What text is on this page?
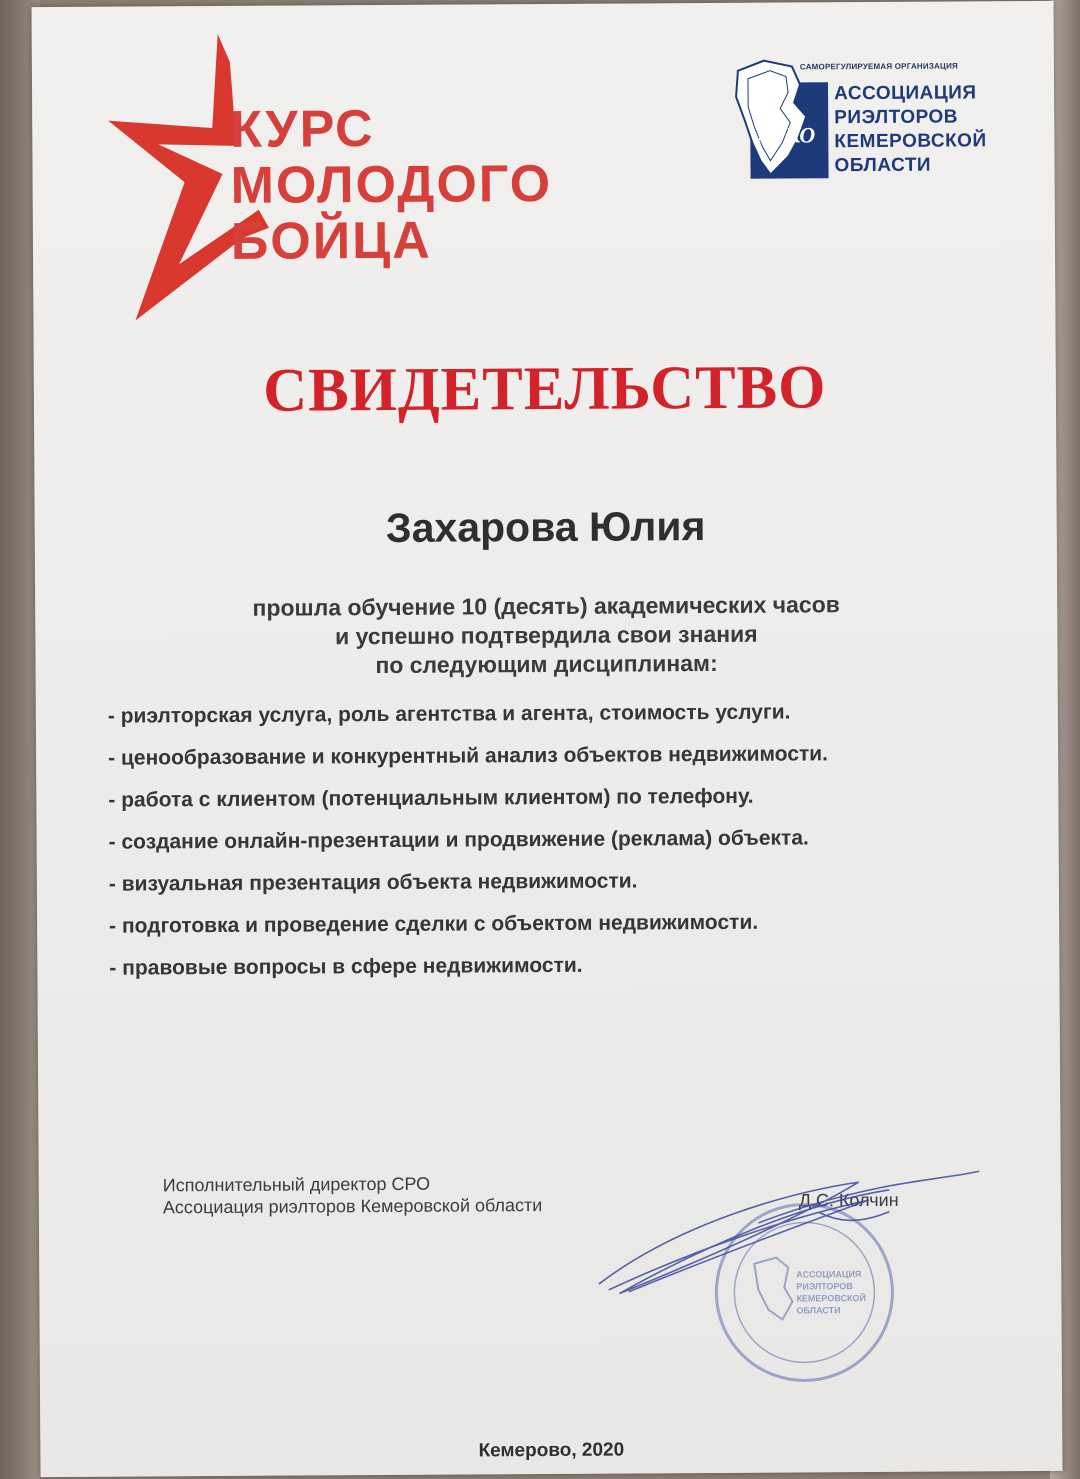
КУРС
МОЛОДОГО
БОЙЦА
АРКО
САМОРЕГУЛИРУЕМАЯ ОРГАНИЗАЦИЯ
АССОЦИАЦИЯ
РИЭЛТОРОВ
КЕМЕРОВСКОЙ
ОБЛАСТИ
СВИДЕТЕЛЬСТВО
Захарова Юлия
прошла обучение 10 (десять) академических часов
и успешно подтвердила свои знания
по следующим дисциплинам:
- риэлторская услуга, роль агентства и агента, стоимость услуги.
- ценообразование и конкурентный анализ объектов недвижимости.
- работа с клиентом (потенциальным клиентом) по телефону.
- создание онлайн-презентации и продвижение (реклама) объекта.
- визуальная презентация объекта недвижимости.
- подготовка и проведение сделки с объектом недвижимости.
- правовые вопросы в сфере недвижимости.
Исполнительный директор СРО
Ассоциация риэлторов Кемеровской области	Д.С. Колчин
АССОЦИАЦИЯ
РИЭЛТОРОВ
КЕМЕРОВСКОЙ
ОБЛАСТИ
Кемерово, 2020
